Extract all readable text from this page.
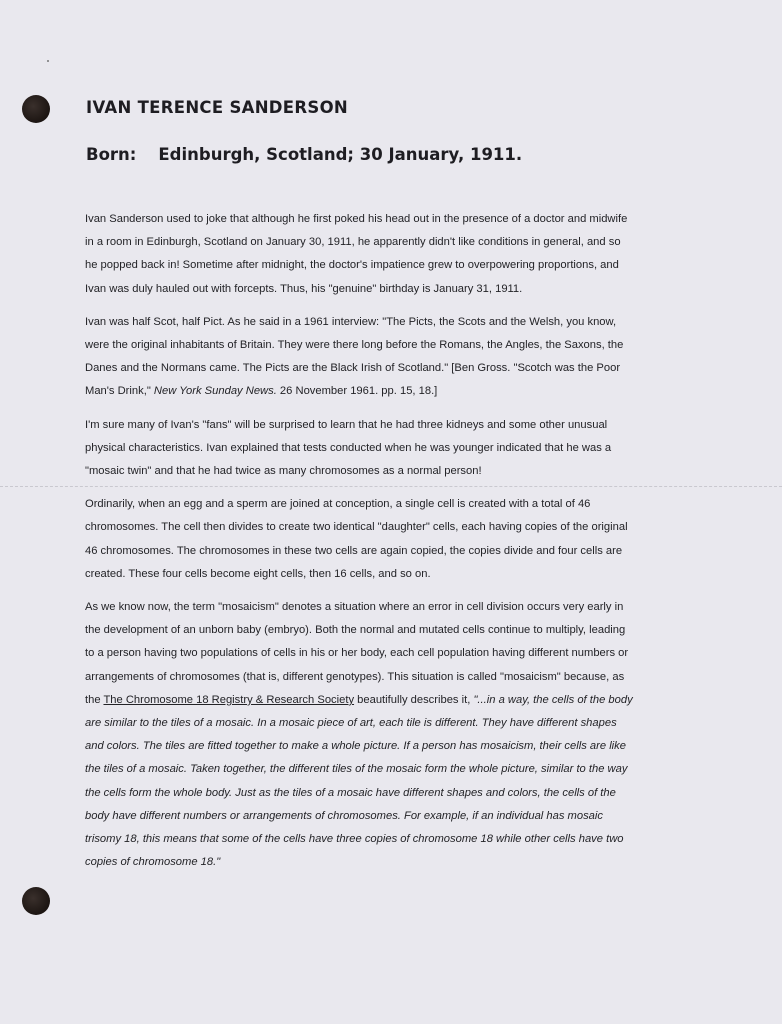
IVAN TERENCE SANDERSON
Born: Edinburgh, Scotland; 30 January, 1911.

Ivan Sanderson used to joke that although he first poked his head out in the presence of a doctor and midwife
in a room in Edinburgh, Scotland on January 30, 1911, he apparently didn't like conditions in general, and so
he popped back in! Sometime after midnight, the doctor's impatience grew to overpowering proportions, and
Ivan was duly hauled out with forcepts. Thus, his "genuine" birthday is January 31, 1911.

Ivan was half Scot, half Pict. As he said in a 1961 interview: "The Picts, the Scots and the Welsh, you know,
were the original inhabitants of Britain. They were there long before the Romans, the Angles, the Saxons, the
Danes and the Normans came. The Picts are the Black Irish of Scotland." [Ben Gross. "Scotch was the Poor
Man's Drink," New York Sunday News. 26 November 1961. pp. 15, 18.]

I'm sure many of Ivan's "fans" will be surprised to learn that he had three kidneys and some other unusual
physical characteristics. Ivan explained that tests conducted when he was younger indicated that he was a
"mosaic twin" and that he had twice as many chromosomes as a normal person!

Ordinarily, when an egg and a sperm are joined at conception, a single cell is created with a total of 46
chromosomes. The cell then divides to create two identical "daughter" cells, each having copies of the original
46 chromosomes. The chromosomes in these two cells are again copied, the copies divide and four cells are
created. These four cells become eight cells, then 16 cells, and so on.

As we know now, the term "mosaicism" denotes a situation where an error in cell division occurs very early in
the development of an unborn baby (embryo). Both the normal and mutated cells continue to multiply, leading
to a person having two populations of cells in his or her body, each cell population having different numbers or
arrangements of chromosomes (that is, different genotypes). This situation is called "mosaicism" because, as
the The Chromosome 18 Registry & Research Society beautifully describes it, "...in a way, the cells of the body
are similar to the tiles of a mosaic. In a mosaic piece of art, each tile is different. They have different shapes
and colors. The tiles are fitted together to make a whole picture. If a person has mosaicism, their cells are like
the tiles of a mosaic. Taken together, the different tiles of the mosaic form the whole picture, similar to the way
the cells form the whole body. Just as the tiles of a mosaic have different shapes and colors, the cells of the
body have different numbers or arrangements of chromosomes. For example, if an individual has mosaic
trisomy 18, this means that some of the cells have three copies of chromosome 18 while other cells have two
copies of chromosome 18."
